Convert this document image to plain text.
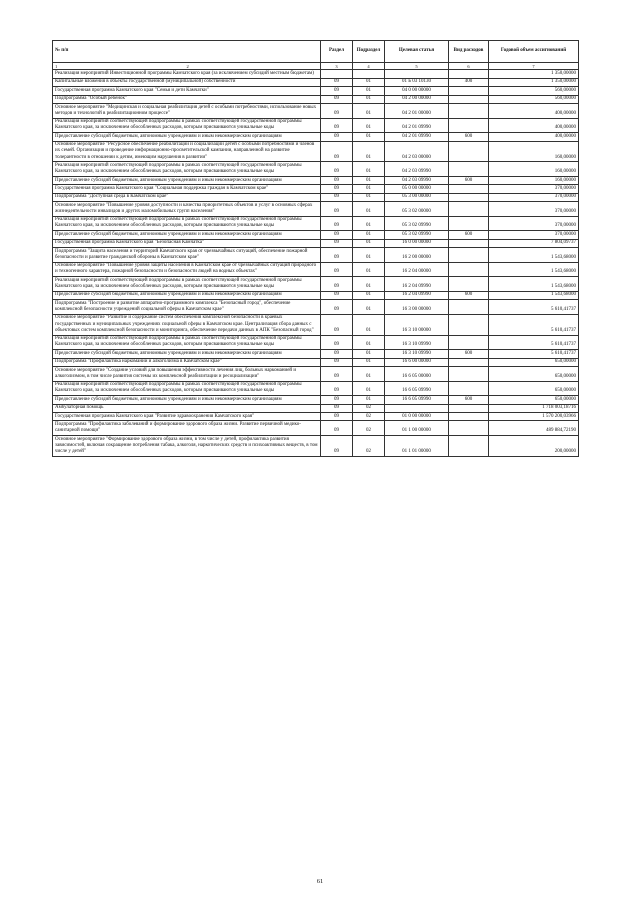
№ п/п	Раздел	Подраздел	Целевая статья	Вид расходов	Годовой объем ассигнований

1 2	3	4	5	6	7
Реализация мероприятий Инвестиционной программы Камчатского края (за исключением субсидий местным бюджетам)					1 350,00000
Капитальные вложения в объекты государственной (муниципальной) собственности	09	01	01 Б 03 10130	400	1 350,00000
Государственная программа Камчатского края "Семья и дети Камчатки"	09	01	04 0 00 00000		560,00000
Подпрограмма "Особый ребенок"	09	01	04 2 00 00000		560,00000
Основное мероприятие "Медицинская и социальная реабилитация детей с особыми потребностями, использование новых методов и технологий в реабилитационном процессе"	09	01	04 2 01 00000		400,00000
Реализация мероприятий соответствующей подпрограммы в рамках соответствующей государственной программы Камчатского края, за исключением обособленных расходов, которым присваиваются уникальные коды	09	01	04 2 01 09990		400,00000
Предоставление субсидий бюджетным, автономным учреждениям и иным некоммерческим организациям	09	01	04 2 01 09990	600	400,00000
Основное мероприятие "Ресурсное обеспечение реабилитации и социализации детей с особыми потребностями и членов их семей. Организация и проведение информационно-просветительской кампании, направленной на развитие толерантности в отношении к детям, имеющим нарушения в развитии"	09	01	04 2 03 00000		160,00000
Реализация мероприятий соответствующей подпрограммы в рамках соответствующей государственной программы Камчатского края, за исключением обособленных расходов, которым присваиваются уникальные коды	09	01	04 2 03 09990		160,00000
Предоставление субсидий бюджетным, автономным учреждениям и иным некоммерческим организациям	09	01	04 2 03 09990	600	160,00000
Государственная программа Камчатского края "Социальная поддержка граждан в Камчатском крае"	09	01	05 0 00 00000		370,00000
Подпрограмма "Доступная среда в Камчатском крае"	09	01	05 3 00 00000		370,00000
Основное мероприятие "Повышение уровня доступности и качества приоритетных объектов и услуг в основных сферах жизнедеятельности инвалидов и других маломобильных групп населения"	09	01	05 3 02 00000		370,00000
Реализация мероприятий соответствующей подпрограммы в рамках соответствующей государственной программы Камчатского края, за исключением обособленных расходов, которым присваиваются уникальные коды	09	01	05 3 02 09990		370,00000
Предоставление субсидий бюджетным, автономным учреждениям и иным некоммерческим организациям	09	01	05 3 02 09990	600	370,00000
Государственная программа Камчатского края "Безопасная Камчатка"	09	01	16 0 00 00000		7 804,09737
Подпрограмма "Защита населения и территорий Камчатского края от чрезвычайных ситуаций, обеспечение пожарной безопасности и развитие гражданской обороны в Камчатском крае"	09	01	16 2 00 00000		1 543,68000
Основное мероприятие "Повышение уровня защиты населения в Камчатском крае от чрезвычайных ситуаций природного и техногенного характера, пожарной безопасности и безопасности людей на водных объектах"	09	01	16 2 04 00000		1 543,68000
Реализация мероприятий соответствующей подпрограммы в рамках соответствующей государственной программы Камчатского края, за исключением обособленных расходов, которым присваиваются уникальные коды	09	01	16 2 04 09990		1 543,68000
Предоставление субсидий бюджетным, автономным учреждениям и иным некоммерческим организациям	09	01	16 2 04 09990	600	1 543,68000
Подпрограмма "Построение и развитие аппаратно-программного комплекса "Безопасный город", обеспечение комплексной безопасности учреждений социальной сферы в Камчатском крае"	09	01	16 3 00 00000		5 610,41737
Основное мероприятие "Развитие и содержание систем обеспечения комплексной безопасности в краевых государственных и муниципальных учреждениях социальной сферы в Камчатском крае. Централизация сбора данных с объектовых систем комплексной безопасности и мониторинга, обеспечение передачи данных в АПК "Безопасный город"	09	01	16 3 10 00000		5 610,41737
Реализация мероприятий соответствующей подпрограммы в рамках соответствующей государственной программы Камчатского края, за исключением обособленных расходов, которым присваиваются уникальные коды	09	01	16 3 10 09990		5 610,41737
Предоставление субсидий бюджетным, автономным учреждениям и иным некоммерческим организациям	09	01	16 3 10 09990	600	5 610,41737
Подпрограмма "Профилактика наркомании и алкоголизма в Камчатском крае"	09	01	16 6 00 00000		650,00000
Основное мероприятие "Создание условий для повышения эффективности лечения лиц, больных наркоманией и алкоголизмом, в том числе развития системы их комплексной реабилитации и ресоциализации"	09	01	16 6 05 00000		650,00000
Реализация мероприятий соответствующей подпрограммы в рамках соответствующей государственной программы Камчатского края, за исключением обособленных расходов, которым присваиваются уникальные коды	09	01	16 6 05 09990		650,00000
Предоставление субсидий бюджетным, автономным учреждениям и иным некоммерческим организациям	09	01	16 6 05 09990	600	650,00000
Амбулаторная помощь	09	02			1 718 003,18716
Государственная программа Камчатского края "Развитие здравоохранения Камчатского края"	09	02	01 0 00 00000		1 570 200,03966
Подпрограмма "Профилактика заболеваний и формирование здорового образа жизни. Развитие первичной медико-санитарной помощи"	09	02	01 1 00 00000		489 884,72190
Основное мероприятие "Формирование здорового образа жизни, в том числе у детей, профилактика развития зависимостей, включая сокращение потребления табака, алкоголя, наркотических средств и психоактивных веществ, в том числе у детей"	09	02	01 1 01 00000		200,00000
61
